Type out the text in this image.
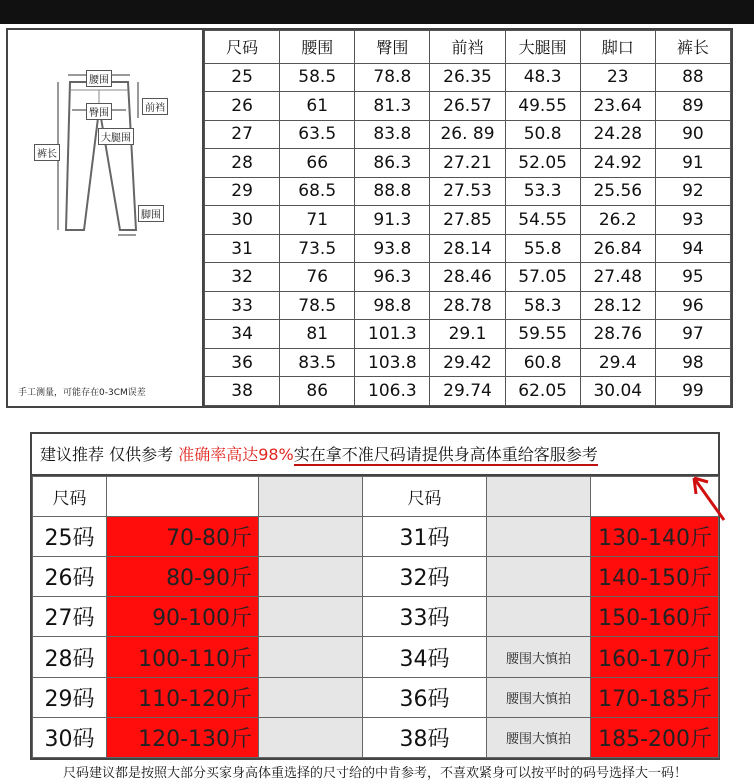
腰围
臀围	前裆
大腿围
裤长
脚围
手工测量，可能存在0-3CM误差
尺码	腰围	臀围	前裆	大腿围	脚口	裤长
25	58.5	78.8	26.35	48.3	23	88
26	61	81.3	26.57	49.55	23.64	89
27	63.5	83.8	26. 89	50.8	24.28	90
28	66	86.3	27.21	52.05	24.92	91
29	68.5	88.8	27.53	53.3	25.56	92
30	71	91.3	27.85	54.55	26.2	93
31	73.5	93.8	28.14	55.8	26.84	94
32	76	96.3	28.46	57.05	27.48	95
33	78.5	98.8	28.78	58.3	28.12	96
34	81	101.3	29.1	59.55	28.76	97
36	83.5	103.8	29.42	60.8	29.4	98
38	86	106.3	29.74	62.05	30.04	99
建议推荐 仅供参考 准确率高达98%实在拿不准尺码请提供身高体重给客服参考
尺码			尺码		
25码	70-80斤		31码		130-140斤
26码	80-90斤		32码		140-150斤
27码	90-100斤		33码		150-160斤
28码	100-110斤		34码	腰围大慎拍	160-170斤
29码	110-120斤		36码	腰围大慎拍	170-185斤
30码	120-130斤		38码	腰围大慎拍	185-200斤
尺码建议都是按照大部分买家身高体重选择的尺寸给的中肯参考，不喜欢紧身可以按平时的码号选择大一码！
